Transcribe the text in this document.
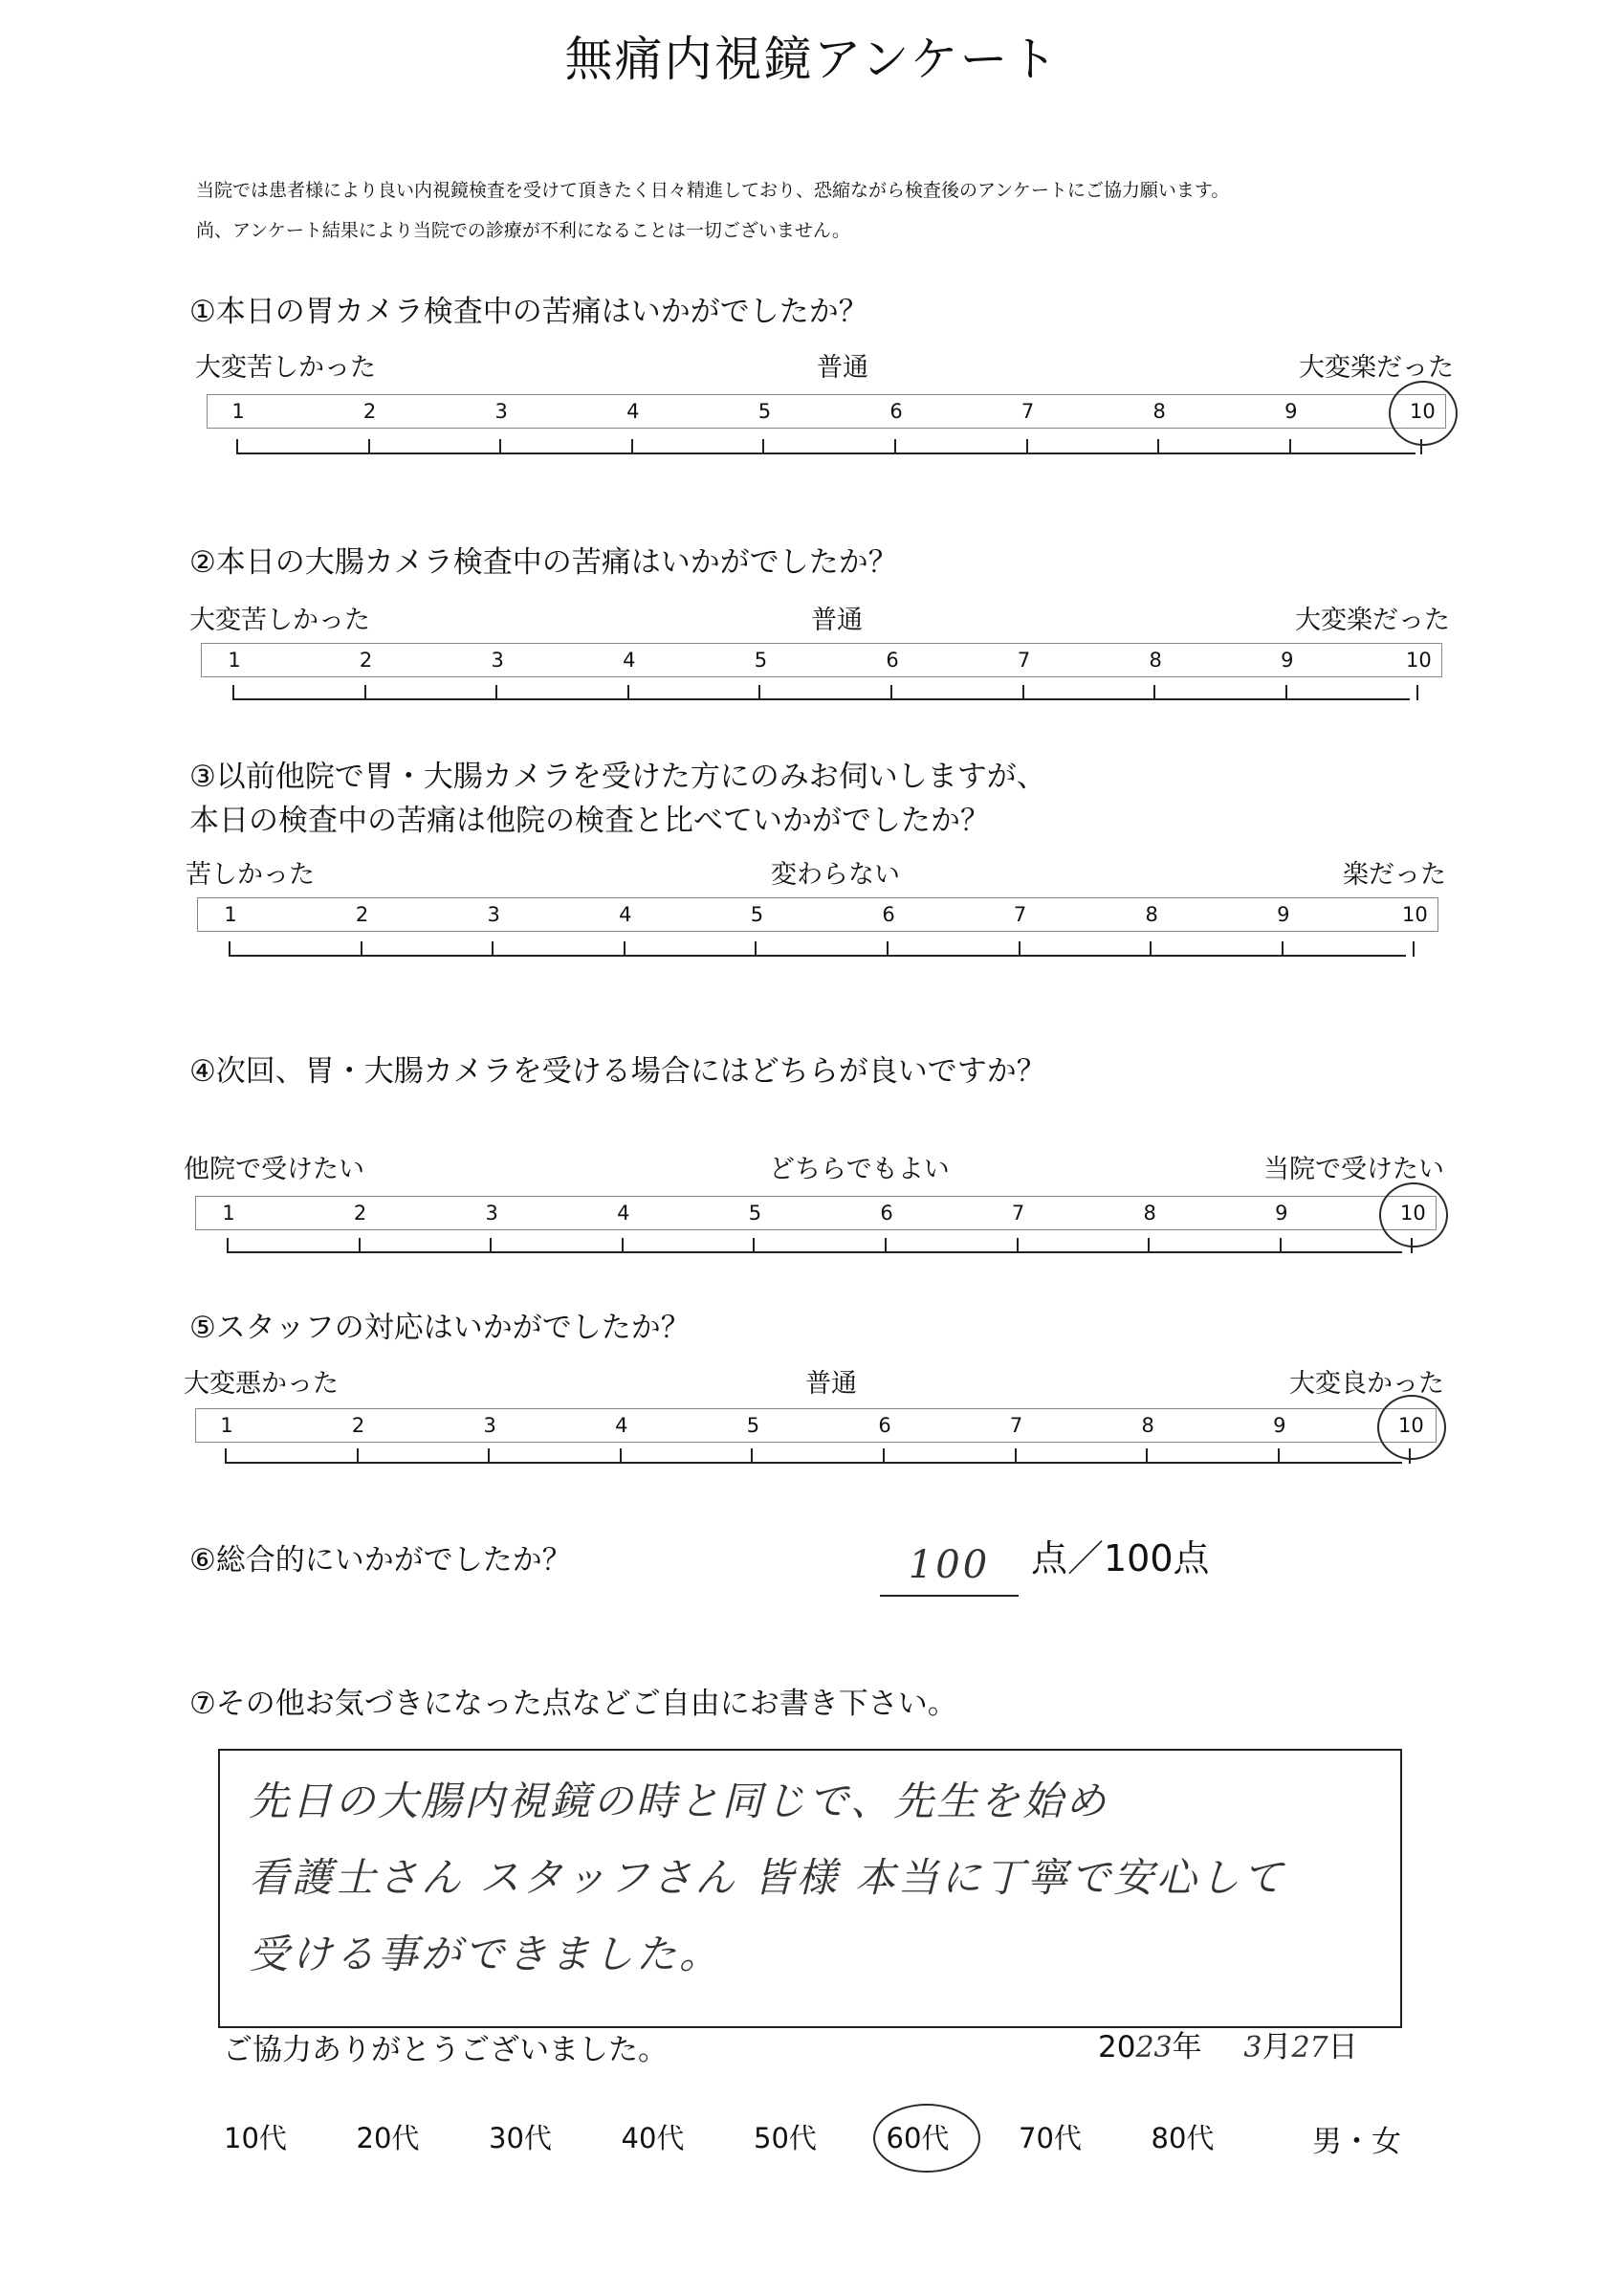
無痛内視鏡アンケート
当院では患者様により良い内視鏡検査を受けて頂きたく日々精進しており、恐縮ながら検査後のアンケートにご協力願います。
尚、アンケート結果により当院での診療が不利になることは一切ございません。
①本日の胃カメラ検査中の苦痛はいかがでしたか？
大変苦しかった	普通	大変楽だった
1	2	3	4	5	6	7	8	9	10
②本日の大腸カメラ検査中の苦痛はいかがでしたか？
大変苦しかった	普通	大変楽だった
1	2	3	4	5	6	7	8	9	10
③以前他院で胃・大腸カメラを受けた方にのみお伺いしますが、
本日の検査中の苦痛は他院の検査と比べていかがでしたか？
苦しかった	変わらない	楽だった
1	2	3	4	5	6	7	8	9	10
④次回、胃・大腸カメラを受ける場合にはどちらが良いですか？
他院で受けたい	どちらでもよい	当院で受けたい
1	2	3	4	5	6	7	8	9	10
⑤スタッフの対応はいかがでしたか？
大変悪かった	普通	大変良かった
1	2	3	4	5	6	7	8	9	10
⑥総合的にいかがでしたか？	100	点／100点
⑦その他お気づきになった点などご自由にお書き下さい。
先日の大腸内視鏡の時と同じで、先生を始め
看護士さん スタッフさん 皆様 本当に丁寧で安心して
受ける事ができました。
ご協力ありがとうございました。	2023年 3月27日
10代	20代	30代	40代	50代	60代	70代	80代	男・女
